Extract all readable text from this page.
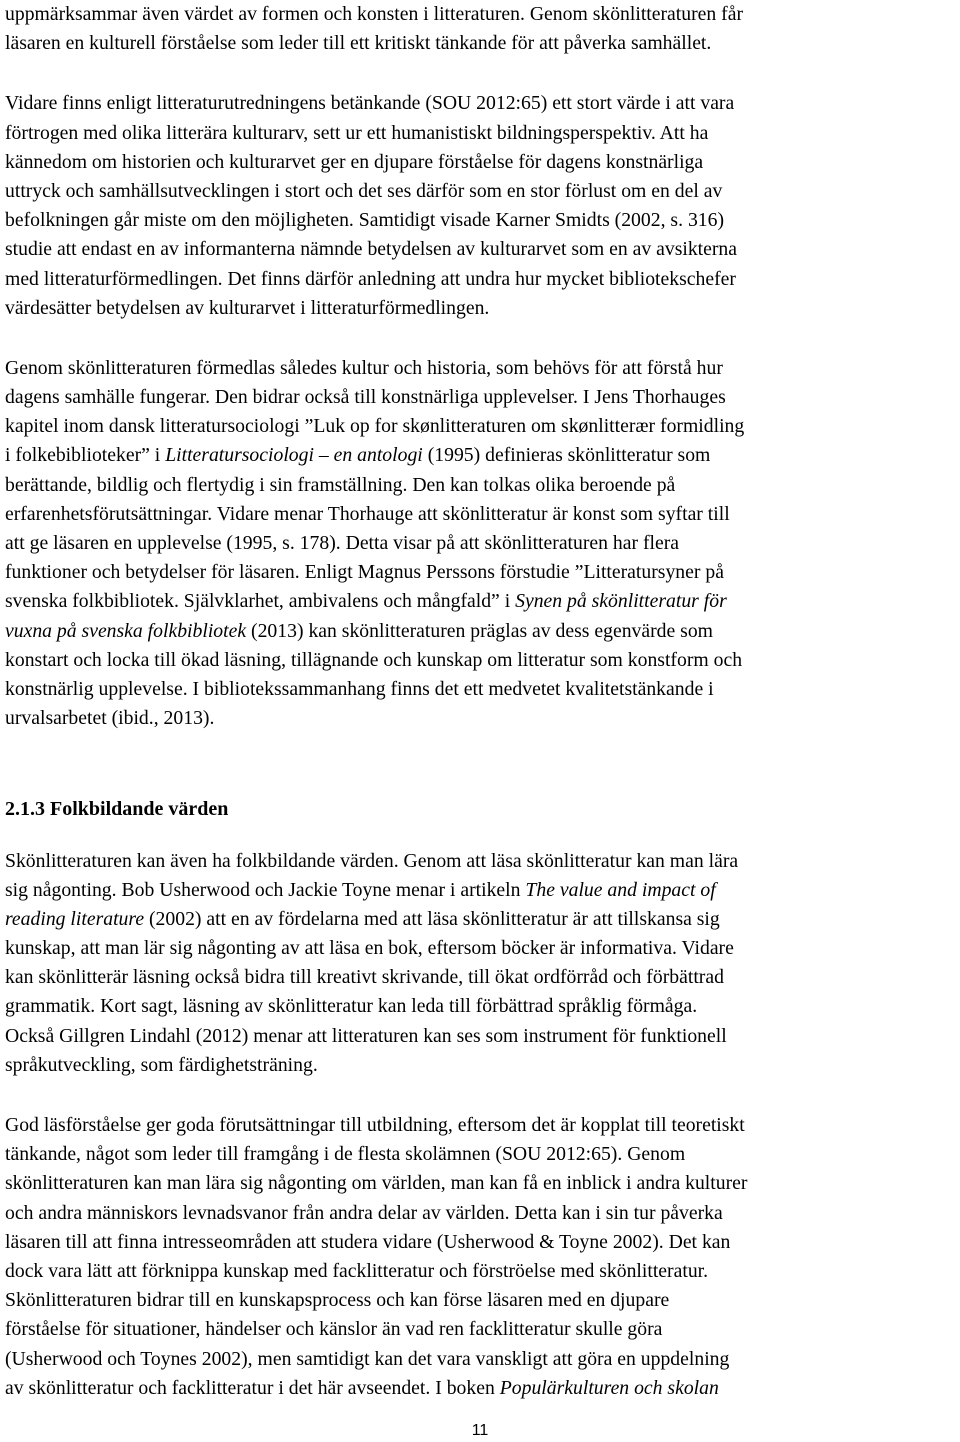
uppmärksammar även värdet av formen och konsten i litteraturen. Genom skönlitteraturen får
läsaren en kulturell förståelse som leder till ett kritiskt tänkande för att påverka samhället.

Vidare finns enligt litteraturutredningens betänkande (SOU 2012:65) ett stort värde i att vara
förtrogen med olika litterära kulturarv, sett ur ett humanistiskt bildningsperspektiv. Att ha
kännedom om historien och kulturarvet ger en djupare förståelse för dagens konstnärliga
uttryck och samhällsutvecklingen i stort och det ses därför som en stor förlust om en del av
befolkningen går miste om den möjligheten. Samtidigt visade Karner Smidts (2002, s. 316)
studie att endast en av informanterna nämnde betydelsen av kulturarvet som en av avsikterna
med litteraturförmedlingen. Det finns därför anledning att undra hur mycket bibliotekschefer
värdesätter betydelsen av kulturarvet i litteraturförmedlingen.

Genom skönlitteraturen förmedlas således kultur och historia, som behövs för att förstå hur
dagens samhälle fungerar. Den bidrar också till konstnärliga upplevelser. I Jens Thorhauges
kapitel inom dansk litteratursociologi ”Luk op for skønlitteraturen om skønlitterær formidling
i folkebiblioteker” i Litteratursociologi – en antologi (1995) definieras skönlitteratur som
berättande, bildlig och flertydig i sin framställning. Den kan tolkas olika beroende på
erfarenhetsförutsättningar. Vidare menar Thorhauge att skönlitteratur är konst som syftar till
att ge läsaren en upplevelse (1995, s. 178). Detta visar på att skönlitteraturen har flera
funktioner och betydelser för läsaren. Enligt Magnus Perssons förstudie ”Litteratursyner på
svenska folkbibliotek. Självklarhet, ambivalens och mångfald” i Synen på skönlitteratur för
vuxna på svenska folkbibliotek (2013) kan skönlitteraturen präglas av dess egenvärde som
konstart och locka till ökad läsning, tillägnande och kunskap om litteratur som konstform och
konstnärlig upplevelse. I bibliotekssammanhang finns det ett medvetet kvalitetstänkande i
urvalsarbetet (ibid., 2013).

2.1.3 Folkbildande värden

Skönlitteraturen kan även ha folkbildande värden. Genom att läsa skönlitteratur kan man lära
sig någonting. Bob Usherwood och Jackie Toyne menar i artikeln The value and impact of
reading literature (2002) att en av fördelarna med att läsa skönlitteratur är att tillskansa sig
kunskap, att man lär sig någonting av att läsa en bok, eftersom böcker är informativa. Vidare
kan skönlitterär läsning också bidra till kreativt skrivande, till ökat ordförråd och förbättrad
grammatik. Kort sagt, läsning av skönlitteratur kan leda till förbättrad språklig förmåga.
Också Gillgren Lindahl (2012) menar att litteraturen kan ses som instrument för funktionell
språkutveckling, som färdighetsträning.

God läsförståelse ger goda förutsättningar till utbildning, eftersom det är kopplat till teoretiskt
tänkande, något som leder till framgång i de flesta skolämnen (SOU 2012:65). Genom
skönlitteraturen kan man lära sig någonting om världen, man kan få en inblick i andra kulturer
och andra människors levnadsvanor från andra delar av världen. Detta kan i sin tur påverka
läsaren till att finna intresseområden att studera vidare (Usherwood & Toyne 2002). Det kan
dock vara lätt att förknippa kunskap med facklitteratur och förströelse med skönlitteratur.
Skönlitteraturen bidrar till en kunskapsprocess och kan förse läsaren med en djupare
förståelse för situationer, händelser och känslor än vad ren facklitteratur skulle göra
(Usherwood och Toynes 2002), men samtidigt kan det vara vanskligt att göra en uppdelning
av skönlitteratur och facklitteratur i det här avseendet. I boken Populärkulturen och skolan

11
